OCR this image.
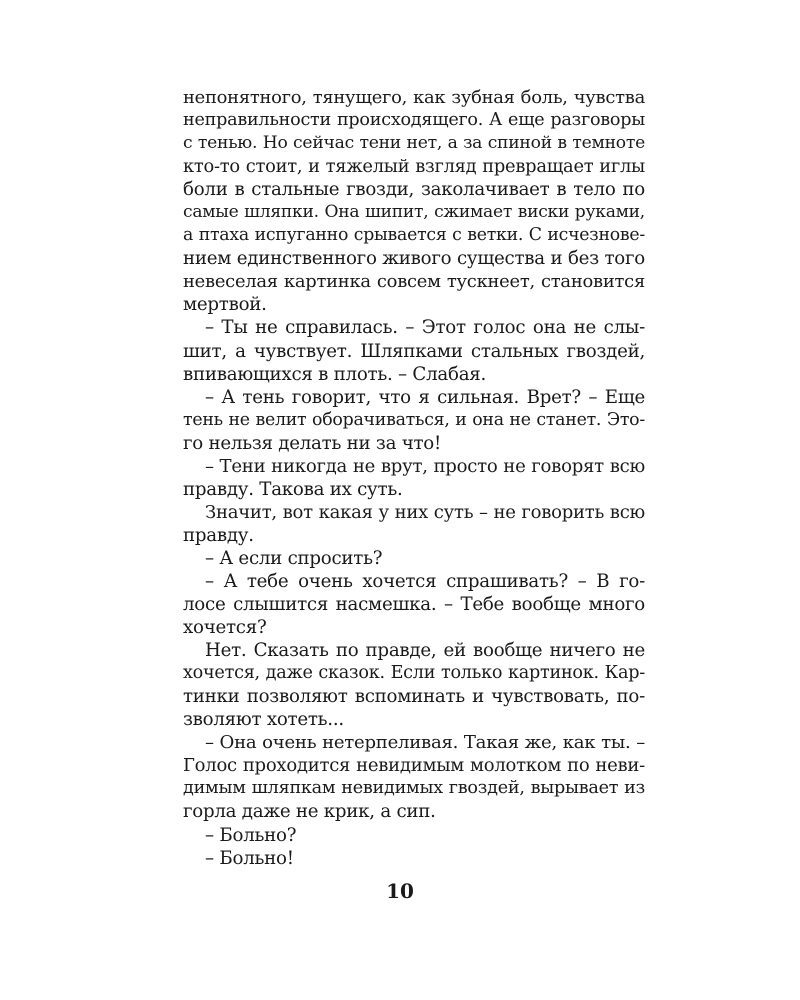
непонятного, тянущего, как зубная боль, чувства
неправильности происходящего. А еще разговоры
с тенью. Но сейчас тени нет, а за спиной в темноте
кто-то стоит, и тяжелый взгляд превращает иглы
боли в стальные гвозди, заколачивает в тело по
самые шляпки. Она шипит, сжимает виски руками,
а птаха испуганно срывается с ветки. С исчезнове-
нием единственного живого существа и без того
невеселая картинка совсем тускнеет, становится
мертвой.
– Ты не справилась. – Этот голос она не слы-
шит, а чувствует. Шляпками стальных гвоздей,
впивающихся в плоть. – Слабая.
– А тень говорит, что я сильная. Врет? – Еще
тень не велит оборачиваться, и она не станет. Это-
го нельзя делать ни за что!
– Тени никогда не врут, просто не говорят всю
правду. Такова их суть.
Значит, вот какая у них суть – не говорить всю
правду.
– А если спросить?
– А тебе очень хочется спрашивать? – В го-
лосе слышится насмешка. – Тебе вообще много
хочется?
Нет. Сказать по правде, ей вообще ничего не
хочется, даже сказок. Если только картинок. Кар-
тинки позволяют вспоминать и чувствовать, по-
зволяют хотеть...
– Она очень нетерпеливая. Такая же, как ты. –
Голос проходится невидимым молотком по неви-
димым шляпкам невидимых гвоздей, вырывает из
горла даже не крик, а сип.
– Больно?
– Больно!
10
